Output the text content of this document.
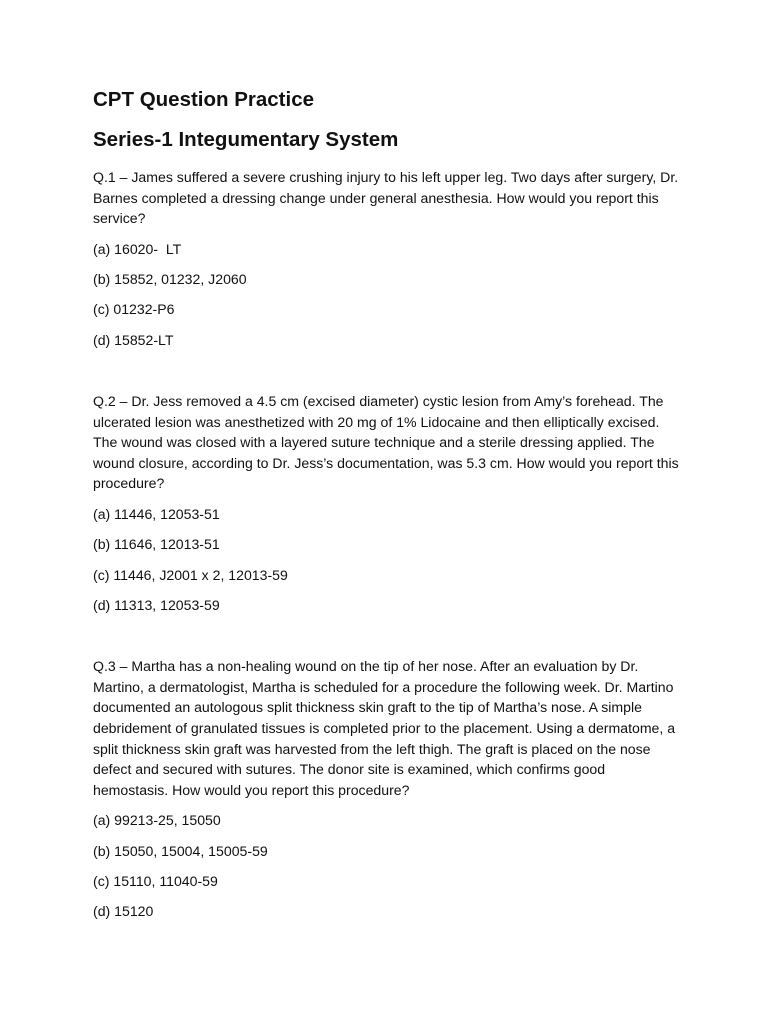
CPT Question Practice
Series-1 Integumentary System

Q.1 – James suffered a severe crushing injury to his left upper leg. Two days after surgery, Dr. Barnes completed a dressing change under general anesthesia. How would you report this service?

(a) 16020-  LT
(b) 15852, 01232, J2060
(c) 01232-P6
(d) 15852-LT

Q.2 – Dr. Jess removed a 4.5 cm (excised diameter) cystic lesion from Amy’s forehead. The ulcerated lesion was anesthetized with 20 mg of 1% Lidocaine and then elliptically excised. The wound was closed with a layered suture technique and a sterile dressing applied. The wound closure, according to Dr. Jess’s documentation, was 5.3 cm. How would you report this procedure?

(a) 11446, 12053-51
(b) 11646, 12013-51
(c) 11446, J2001 x 2, 12013-59
(d) 11313, 12053-59

Q.3 – Martha has a non-healing wound on the tip of her nose. After an evaluation by Dr. Martino, a dermatologist, Martha is scheduled for a procedure the following week. Dr. Martino documented an autologous split thickness skin graft to the tip of Martha’s nose. A simple debridement of granulated tissues is completed prior to the placement. Using a dermatome, a split thickness skin graft was harvested from the left thigh. The graft is placed on the nose defect and secured with sutures. The donor site is examined, which confirms good hemostasis. How would you report this procedure?

(a) 99213-25, 15050
(b) 15050, 15004, 15005-59
(c) 15110, 11040-59
(d) 15120
